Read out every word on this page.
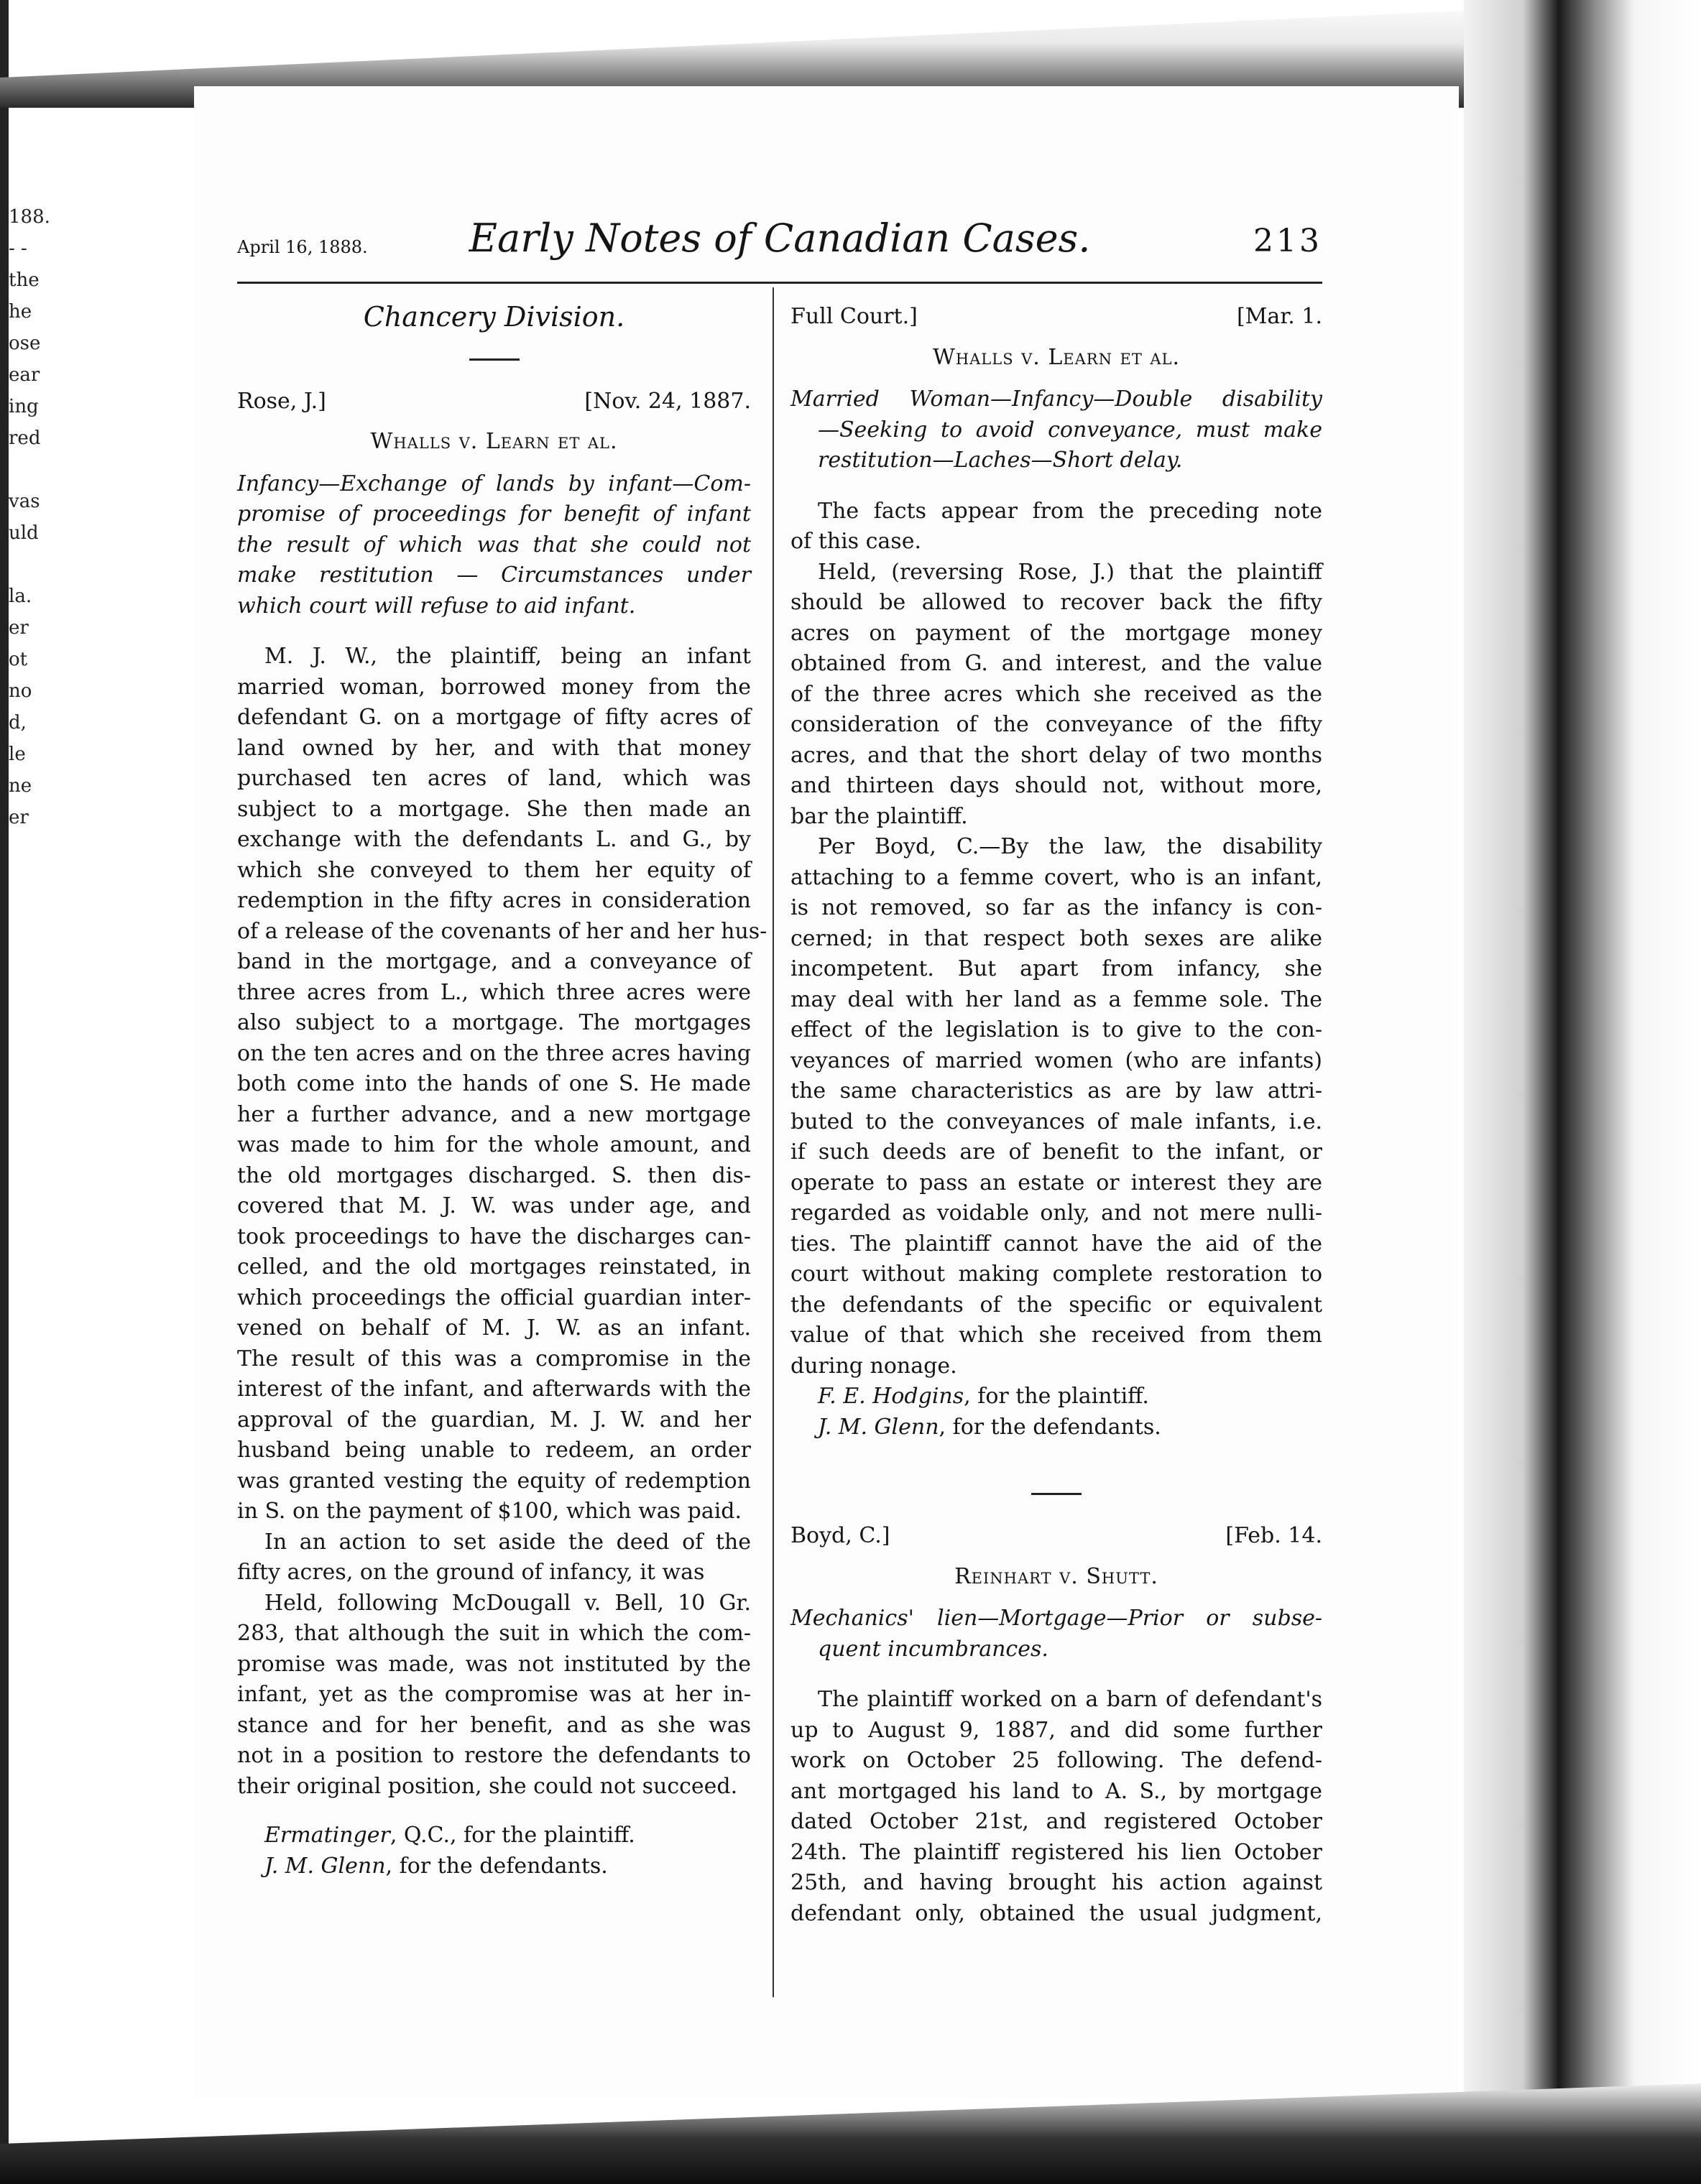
188.
- -
the
he
ose
ear
ing
red
vas
uld
la.
er
ot
no
d,
le
ne
er
April 16, 1888.	Early Notes of Canadian Cases.	213
Chancery Division.
Rose, J.]	[Nov. 24, 1887.
Whalls v. Learn et al.
Infancy—Exchange of lands by infant—Com-
promise of proceedings for benefit of infant
the result of which was that she could not
make restitution — Circumstances under
which court will refuse to aid infant.
M. J. W., the plaintiff, being an infant
married woman, borrowed money from the
defendant G. on a mortgage of fifty acres of
land owned by her, and with that money
purchased ten acres of land, which was
subject to a mortgage. She then made an
exchange with the defendants L. and G., by
which she conveyed to them her equity of
redemption in the fifty acres in consideration
of a release of the covenants of her and her hus-
band in the mortgage, and a conveyance of
three acres from L., which three acres were
also subject to a mortgage. The mortgages
on the ten acres and on the three acres having
both come into the hands of one S. He made
her a further advance, and a new mortgage
was made to him for the whole amount, and
the old mortgages discharged. S. then dis-
covered that M. J. W. was under age, and
took proceedings to have the discharges can-
celled, and the old mortgages reinstated, in
which proceedings the official guardian inter-
vened on behalf of M. J. W. as an infant.
The result of this was a compromise in the
interest of the infant, and afterwards with the
approval of the guardian, M. J. W. and her
husband being unable to redeem, an order
was granted vesting the equity of redemption
in S. on the payment of $100, which was paid.
In an action to set aside the deed of the
fifty acres, on the ground of infancy, it was
Held, following McDougall v. Bell, 10 Gr.
283, that although the suit in which the com-
promise was made, was not instituted by the
infant, yet as the compromise was at her in-
stance and for her benefit, and as she was
not in a position to restore the defendants to
their original position, she could not succeed.
Ermatinger, Q.C., for the plaintiff.
J. M. Glenn, for the defendants.
Full Court.]	[Mar. 1.
Whalls v. Learn et al.
Married Woman—Infancy—Double disability
—Seeking to avoid conveyance, must make
restitution—Laches—Short delay.
The facts appear from the preceding note
of this case.
Held, (reversing Rose, J.) that the plaintiff
should be allowed to recover back the fifty
acres on payment of the mortgage money
obtained from G. and interest, and the value
of the three acres which she received as the
consideration of the conveyance of the fifty
acres, and that the short delay of two months
and thirteen days should not, without more,
bar the plaintiff.
Per Boyd, C.—By the law, the disability
attaching to a femme covert, who is an infant,
is not removed, so far as the infancy is con-
cerned; in that respect both sexes are alike
incompetent. But apart from infancy, she
may deal with her land as a femme sole. The
effect of the legislation is to give to the con-
veyances of married women (who are infants)
the same characteristics as are by law attri-
buted to the conveyances of male infants, i.e.
if such deeds are of benefit to the infant, or
operate to pass an estate or interest they are
regarded as voidable only, and not mere nulli-
ties. The plaintiff cannot have the aid of the
court without making complete restoration to
the defendants of the specific or equivalent
value of that which she received from them
during nonage.
F. E. Hodgins, for the plaintiff.
J. M. Glenn, for the defendants.
Boyd, C.]	[Feb. 14.
Reinhart v. Shutt.
Mechanics' lien—Mortgage—Prior or subse-
quent incumbrances.
The plaintiff worked on a barn of defendant's
up to August 9, 1887, and did some further
work on October 25 following. The defend-
ant mortgaged his land to A. S., by mortgage
dated October 21st, and registered October
24th. The plaintiff registered his lien October
25th, and having brought his action against
defendant only, obtained the usual judgment,
